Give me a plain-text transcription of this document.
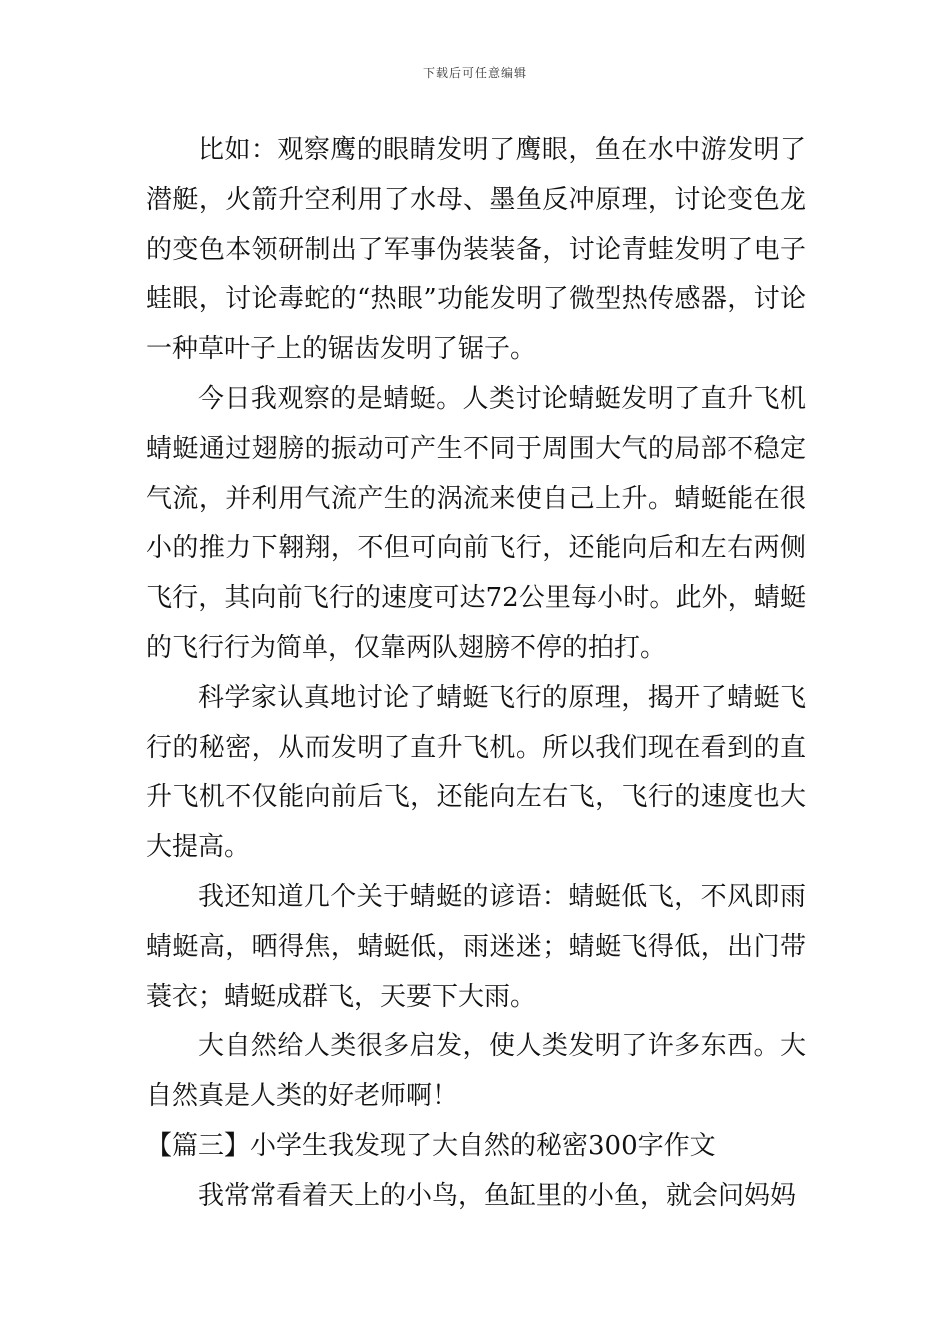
下载后可任意编辑

比如：观察鹰的眼睛发明了鹰眼，鱼在水中游发明了潜艇，火箭升空利用了水母、墨鱼反冲原理，讨论变色龙的变色本领研制出了军事伪装装备，讨论青蛙发明了电子蛙眼，讨论毒蛇的“热眼”功能发明了微型热传感器，讨论一种草叶子上的锯齿发明了锯子。

今日我观察的是蜻蜓。人类讨论蜻蜓发明了直升飞机蜻蜓通过翅膀的振动可产生不同于周围大气的局部不稳定气流，并利用气流产生的涡流来使自己上升。蜻蜓能在很小的推力下翱翔，不但可向前飞行，还能向后和左右两侧飞行，其向前飞行的速度可达72公里每小时。此外，蜻蜓的飞行行为简单，仅靠两队翅膀不停的拍打。

科学家认真地讨论了蜻蜓飞行的原理，揭开了蜻蜓飞行的秘密，从而发明了直升飞机。所以我们现在看到的直升飞机不仅能向前后飞，还能向左右飞，飞行的速度也大大提高。

我还知道几个关于蜻蜓的谚语：蜻蜓低飞，不风即雨蜻蜓高，晒得焦，蜻蜓低，雨迷迷；蜻蜓飞得低，出门带蓑衣；蜻蜓成群飞，天要下大雨。

大自然给人类很多启发，使人类发明了许多东西。大自然真是人类的好老师啊！

【篇三】小学生我发现了大自然的秘密300字作文

我常常看着天上的小鸟，鱼缸里的小鱼，就会问妈妈
